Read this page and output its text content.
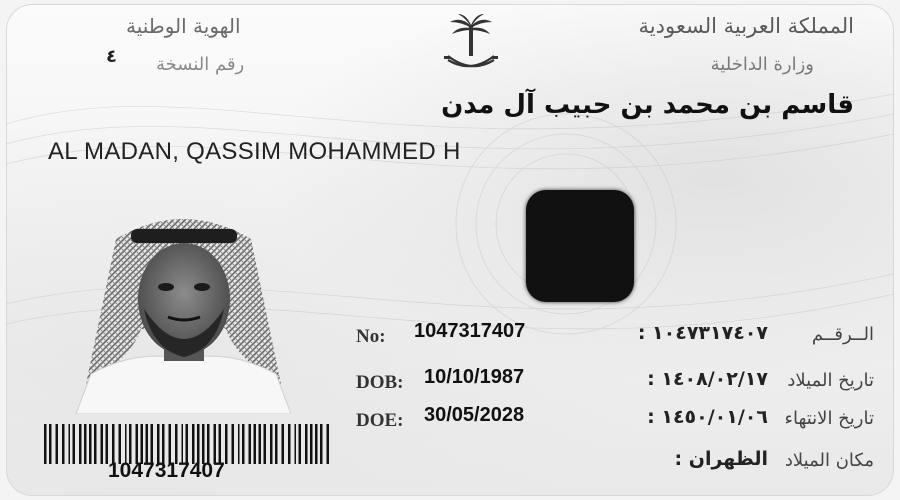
الهوية الوطنية
رقم النسخة
٤
المملكة العربية السعودية
وزارة الداخلية
قاسم بن محمد بن حبيب آل مدن
AL MADAN, QASSIM MOHAMMED H
No: 1047317407	١٠٤٧٣١٧٤٠٧ : الــرقــم
DOB: 10/10/1987	١٤٠٨/٠٢/١٧ : تاريخ الميلاد
DOE: 30/05/2028	١٤٥٠/٠١/٠٦ : تاريخ الانتهاء
الظهران : مكان الميلاد
1047317407
